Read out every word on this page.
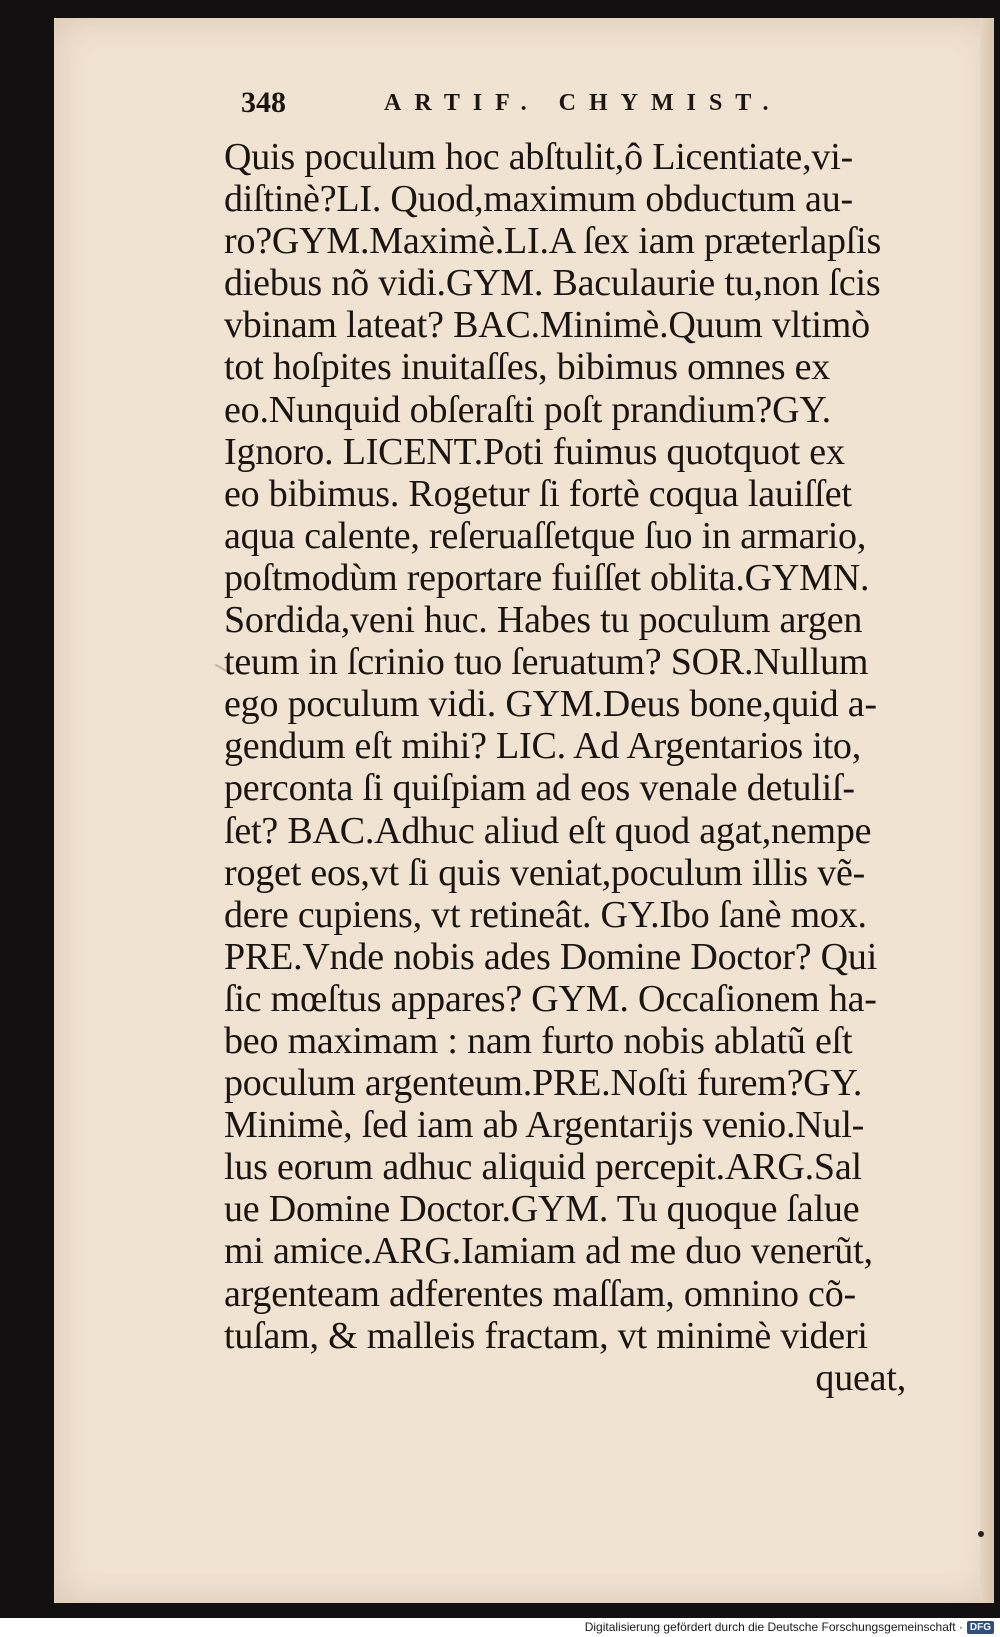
348	ARTIF. CHYMIST.
Quis poculum hoc abſtulit,ô Licentiate,vi-
diſtinè?LI. Quod,maximum obductum au-
ro?GYM.Maximè.LI.A ſex iam præterlapſis
diebus nõ vidi.GYM. Baculaurie tu,non ſcis
vbinam lateat? BAC.Minimè.Quum vltimò
tot hoſpites inuitaſſes, bibimus omnes ex
eo.Nunquid obſeraſti poſt prandium?GY.
Ignoro. LICENT.Poti fuimus quotquot ex
eo bibimus. Rogetur ſi fortè coqua lauiſſet
aqua calente, reſeruaſſetque ſuo in armario,
poſtmodùm reportare fuiſſet oblita.GYMN.
Sordida,veni huc. Habes tu poculum argen
teum in ſcrinio tuo ſeruatum? SOR.Nullum
ego poculum vidi. GYM.Deus bone,quid a-
gendum eſt mihi? LIC. Ad Argentarios ito,
perconta ſi quiſpiam ad eos venale detuliſ-
ſet? BAC.Adhuc aliud eſt quod agat,nempe
roget eos,vt ſi quis veniat,poculum illis vẽ-
dere cupiens, vt retineât. GY.Ibo ſanè mox.
PRE.Vnde nobis ades Domine Doctor? Qui
ſic mœſtus appares? GYM. Occaſionem ha-
beo maximam : nam furto nobis ablatũ eſt
poculum argenteum.PRE.Noſti furem?GY.
Minimè, ſed iam ab Argentarijs venio.Nul-
lus eorum adhuc aliquid percepit.ARG.Sal
ue Domine Doctor.GYM. Tu quoque ſalue
mi amice.ARG.Iamiam ad me duo venerũt,
argenteam adferentes maſſam, omnino cõ-
tuſam, & malleis fractam, vt minimè videri
queat,
Digitalisierung gefördert durch die Deutsche Forschungsgemeinschaft · DFG
